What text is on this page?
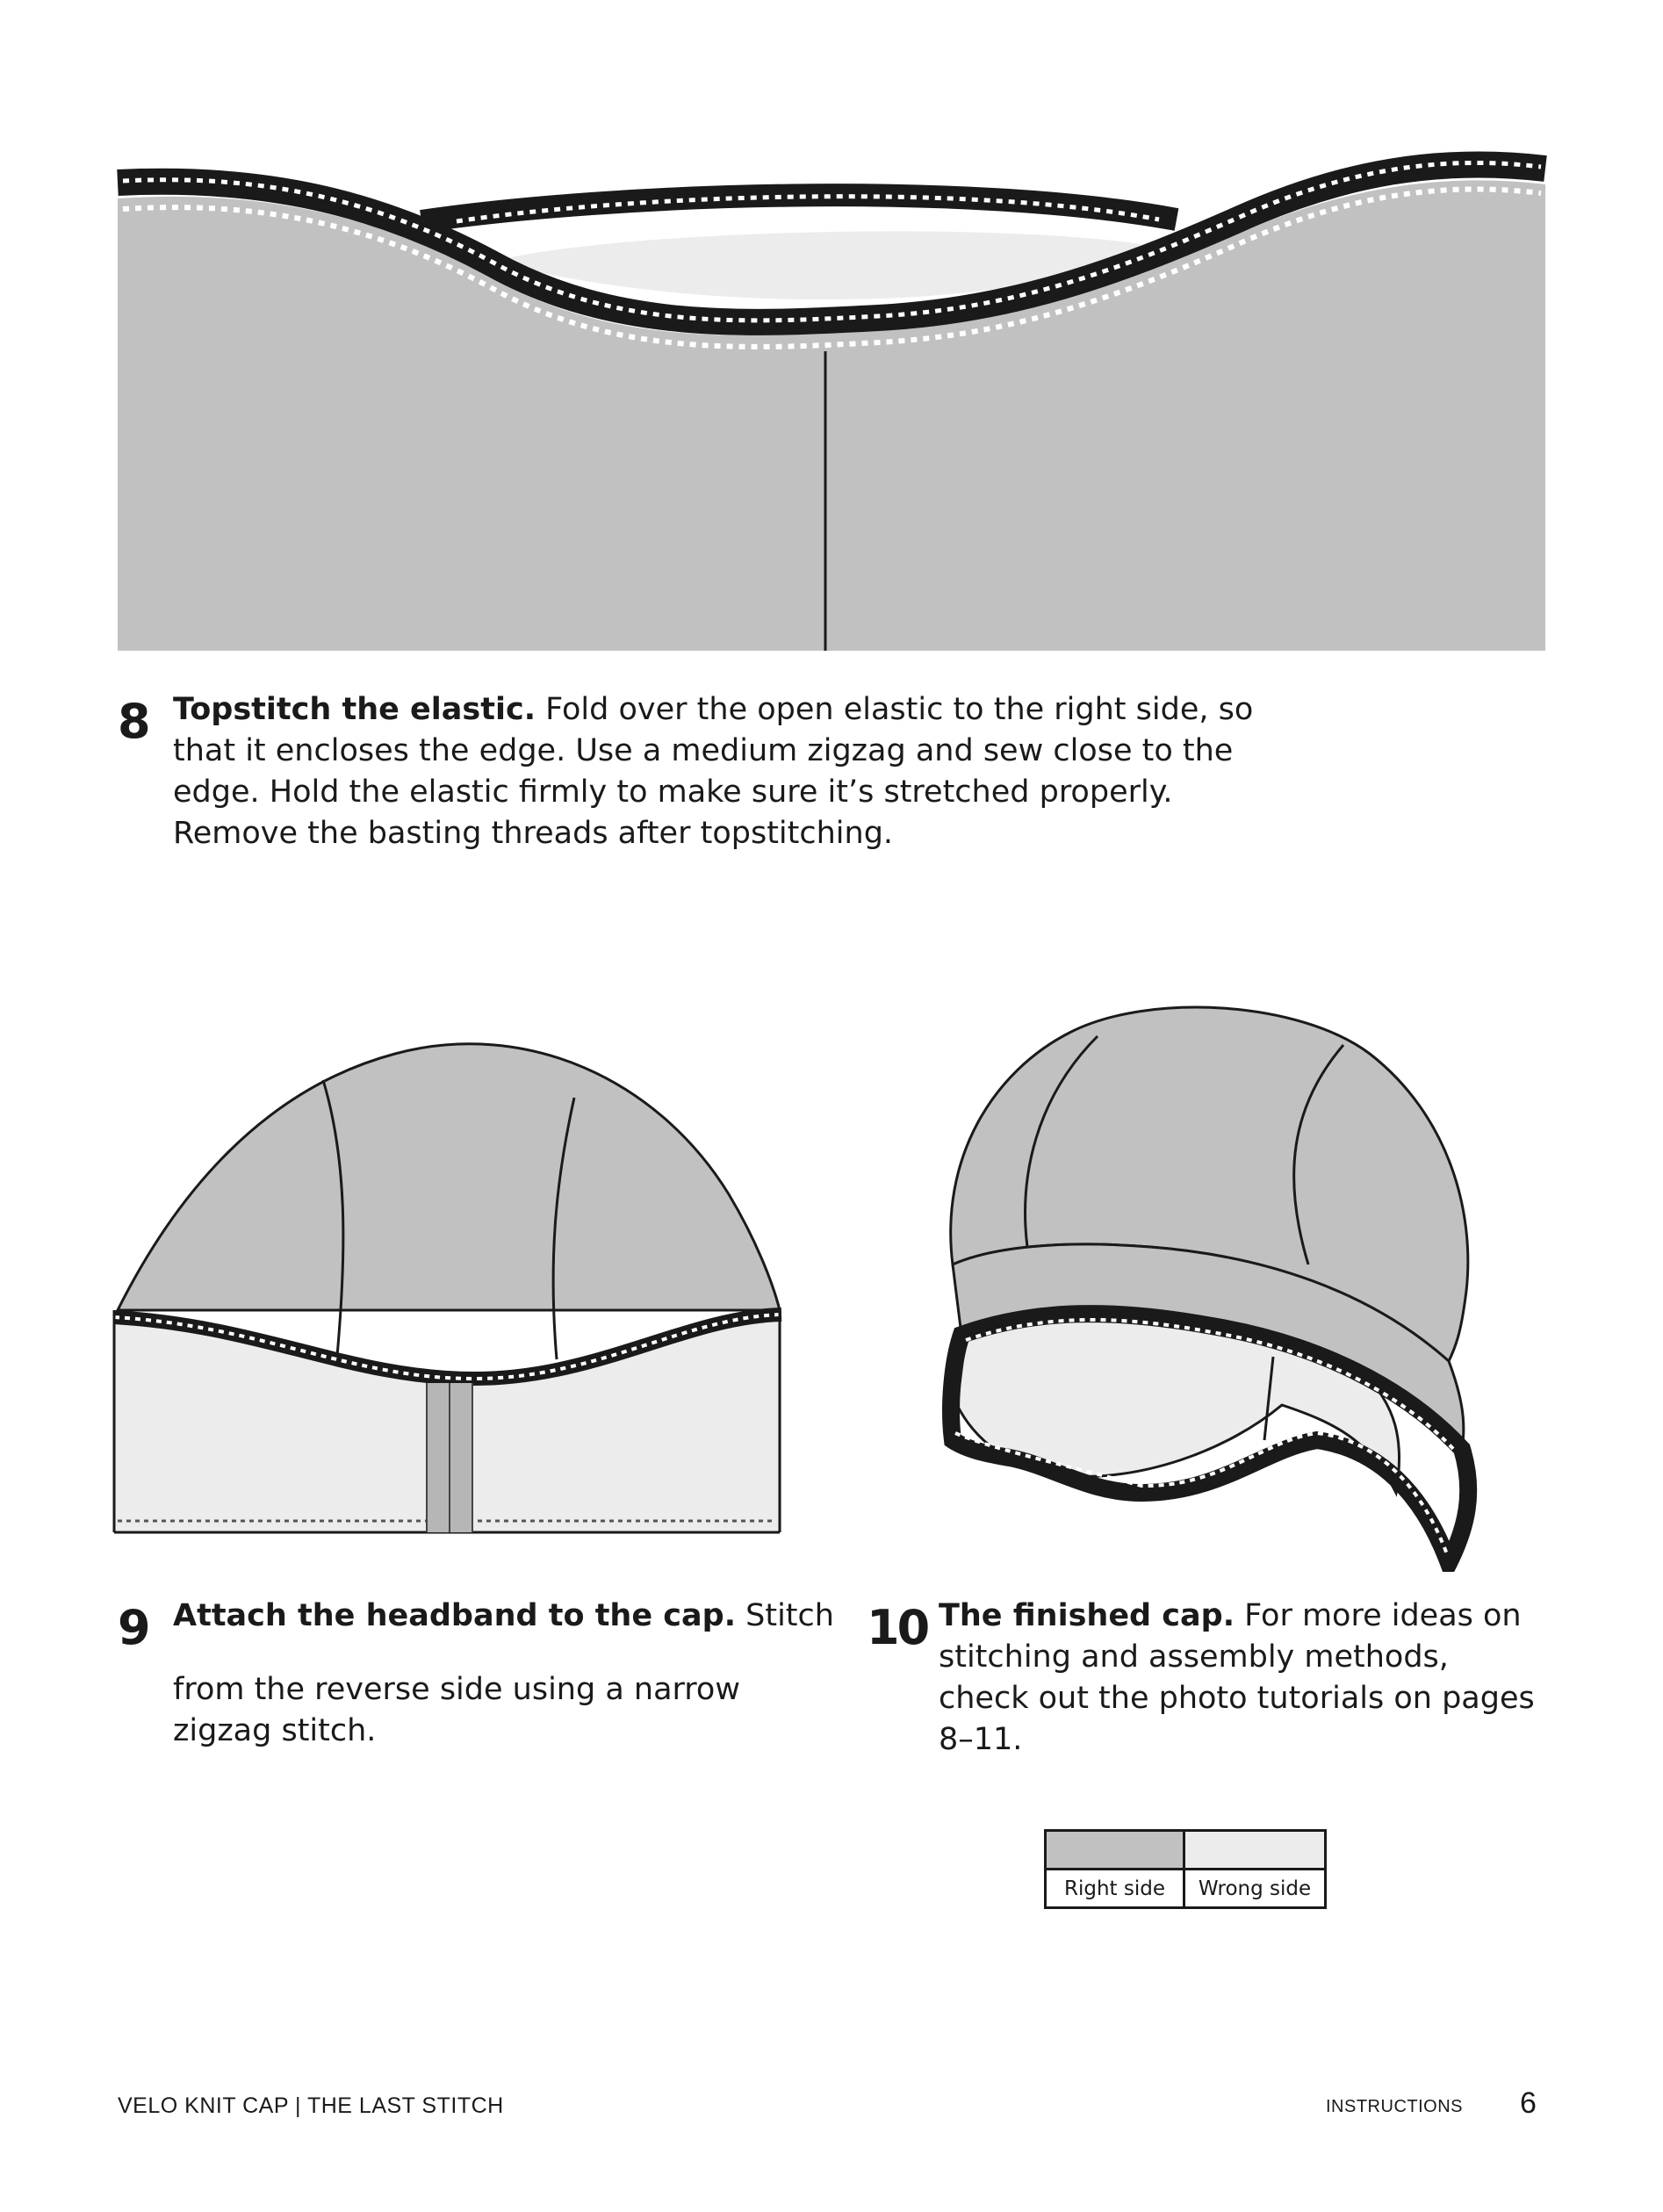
8 Topstitch the elastic. Fold over the open elastic to the right side, so that it encloses the edge. Use a medium zigzag and sew close to the edge. Hold the elastic firmly to make sure it’s stretched properly. Remove the basting threads after topstitching.

9 Attach the headband to the cap. Stitch

from the reverse side using a narrow zigzag stitch.

10 The finished cap. For more ideas on stitching and assembly methods, check out the photo tutorials on pages 8–11.

Right side	Wrong side
VELO KNIT CAP | THE LAST STITCH	INSTRUCTIONS 6
